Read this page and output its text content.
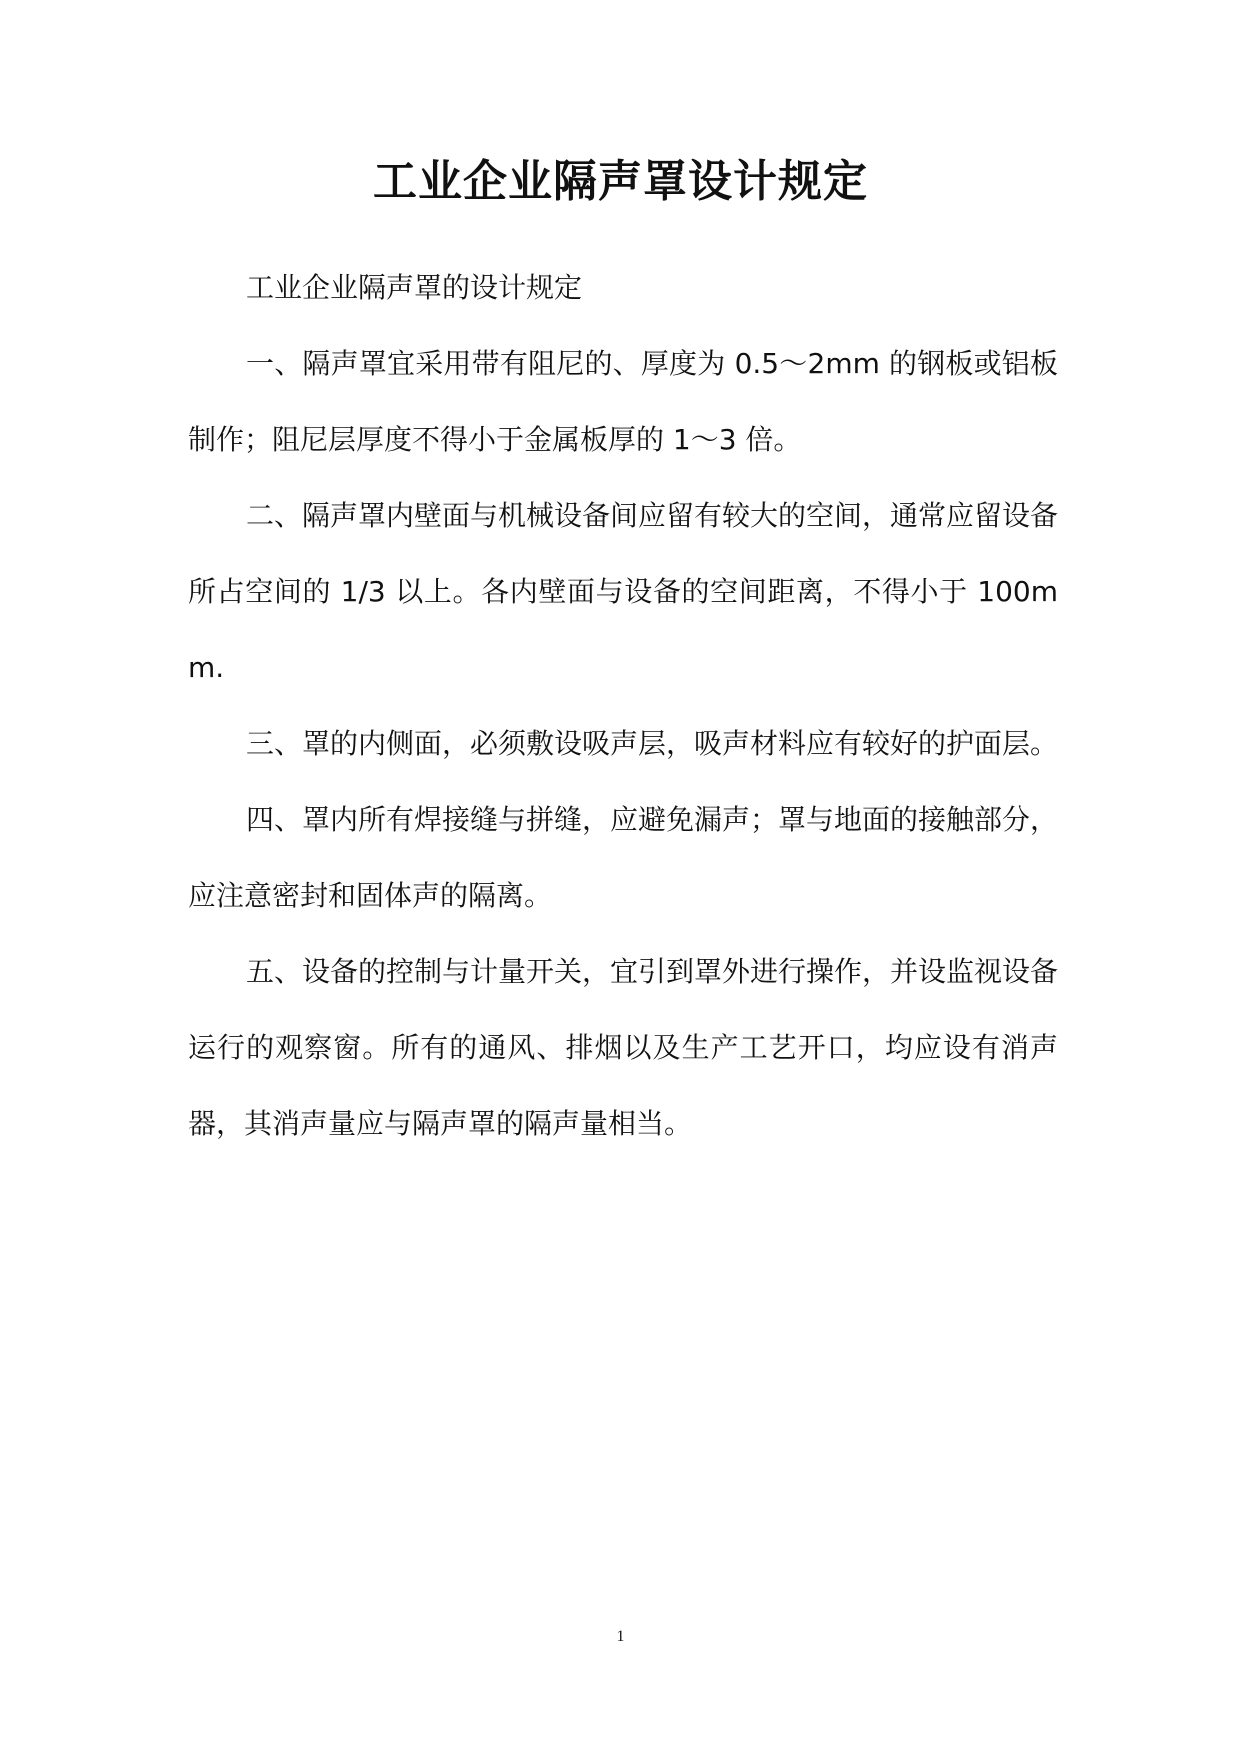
工业企业隔声罩设计规定

工业企业隔声罩的设计规定

一、隔声罩宜采用带有阻尼的、厚度为 0.5～2mm 的钢板或铝板制作；阻尼层厚度不得小于金属板厚的 1～3 倍。

二、隔声罩内壁面与机械设备间应留有较大的空间，通常应留设备所占空间的 1/3 以上。各内壁面与设备的空间距离，不得小于 100mm.

三、罩的内侧面，必须敷设吸声层，吸声材料应有较好的护面层。

四、罩内所有焊接缝与拼缝，应避免漏声；罩与地面的接触部分，应注意密封和固体声的隔离。

五、设备的控制与计量开关，宜引到罩外进行操作，并设监视设备运行的观察窗。所有的通风、排烟以及生产工艺开口，均应设有消声器，其消声量应与隔声罩的隔声量相当。

1
